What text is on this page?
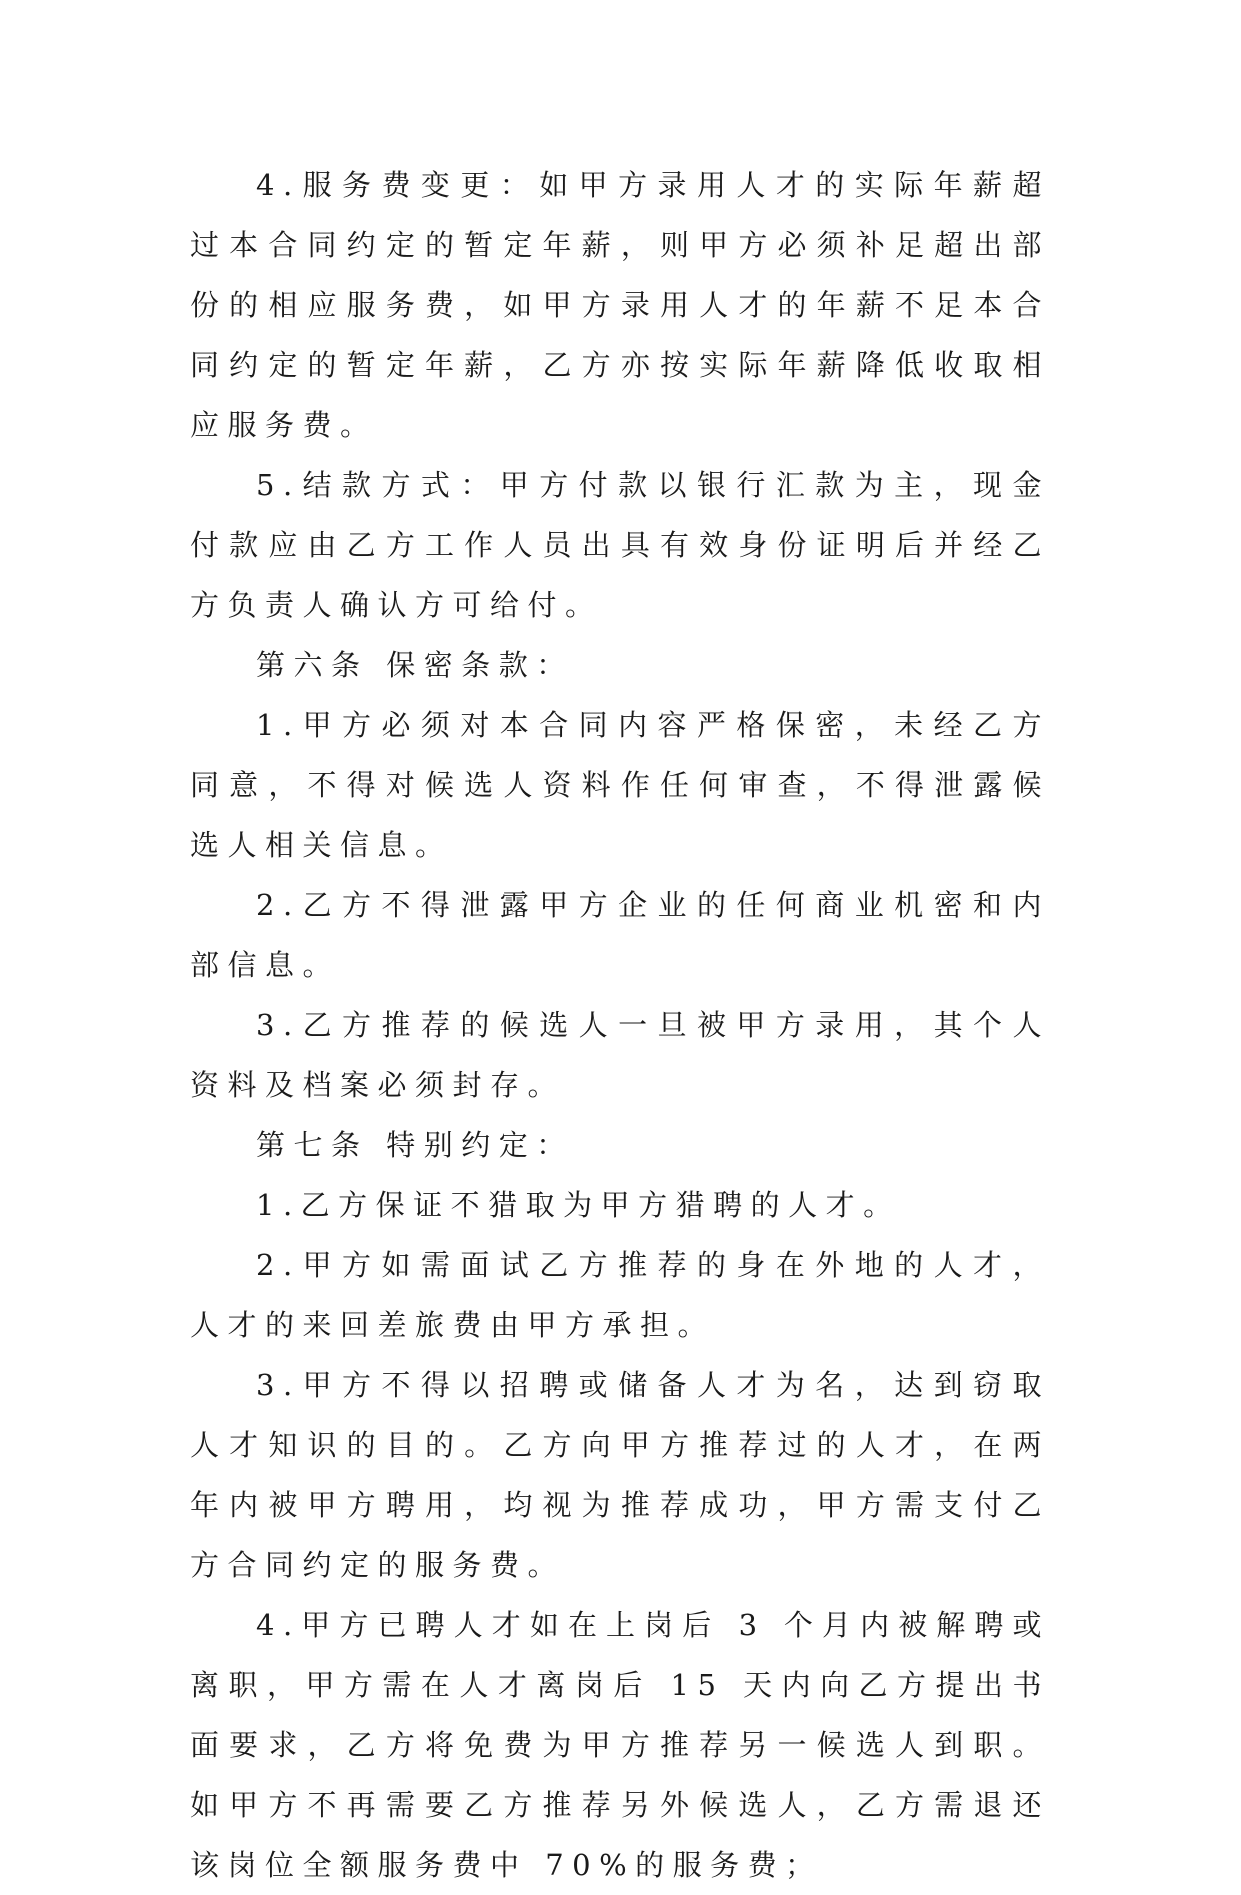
4.服务费变更：如甲方录用人才的实际年薪超过本合同约定的暂定年薪，则甲方必须补足超出部份的相应服务费，如甲方录用人才的年薪不足本合同约定的暂定年薪，乙方亦按实际年薪降低收取相应服务费。

5.结款方式：甲方付款以银行汇款为主，现金付款应由乙方工作人员出具有效身份证明后并经乙方负责人确认方可给付。

第六条 保密条款：

1.甲方必须对本合同内容严格保密，未经乙方同意，不得对候选人资料作任何审查，不得泄露候选人相关信息。

2.乙方不得泄露甲方企业的任何商业机密和内部信息。

3.乙方推荐的候选人一旦被甲方录用，其个人资料及档案必须封存。

第七条 特别约定：

1.乙方保证不猎取为甲方猎聘的人才。

2.甲方如需面试乙方推荐的身在外地的人才，人才的来回差旅费由甲方承担。

3.甲方不得以招聘或储备人才为名，达到窃取人才知识的目的。乙方向甲方推荐过的人才，在两年内被甲方聘用，均视为推荐成功，甲方需支付乙方合同约定的服务费。

4.甲方已聘人才如在上岗后 3 个月内被解聘或离职，甲方需在人才离岗后 15 天内向乙方提出书面要求，乙方将免费为甲方推荐另一候选人到职。如甲方不再需要乙方推荐另外候选人，乙方需退还该岗位全额服务费中 70%的服务费；
